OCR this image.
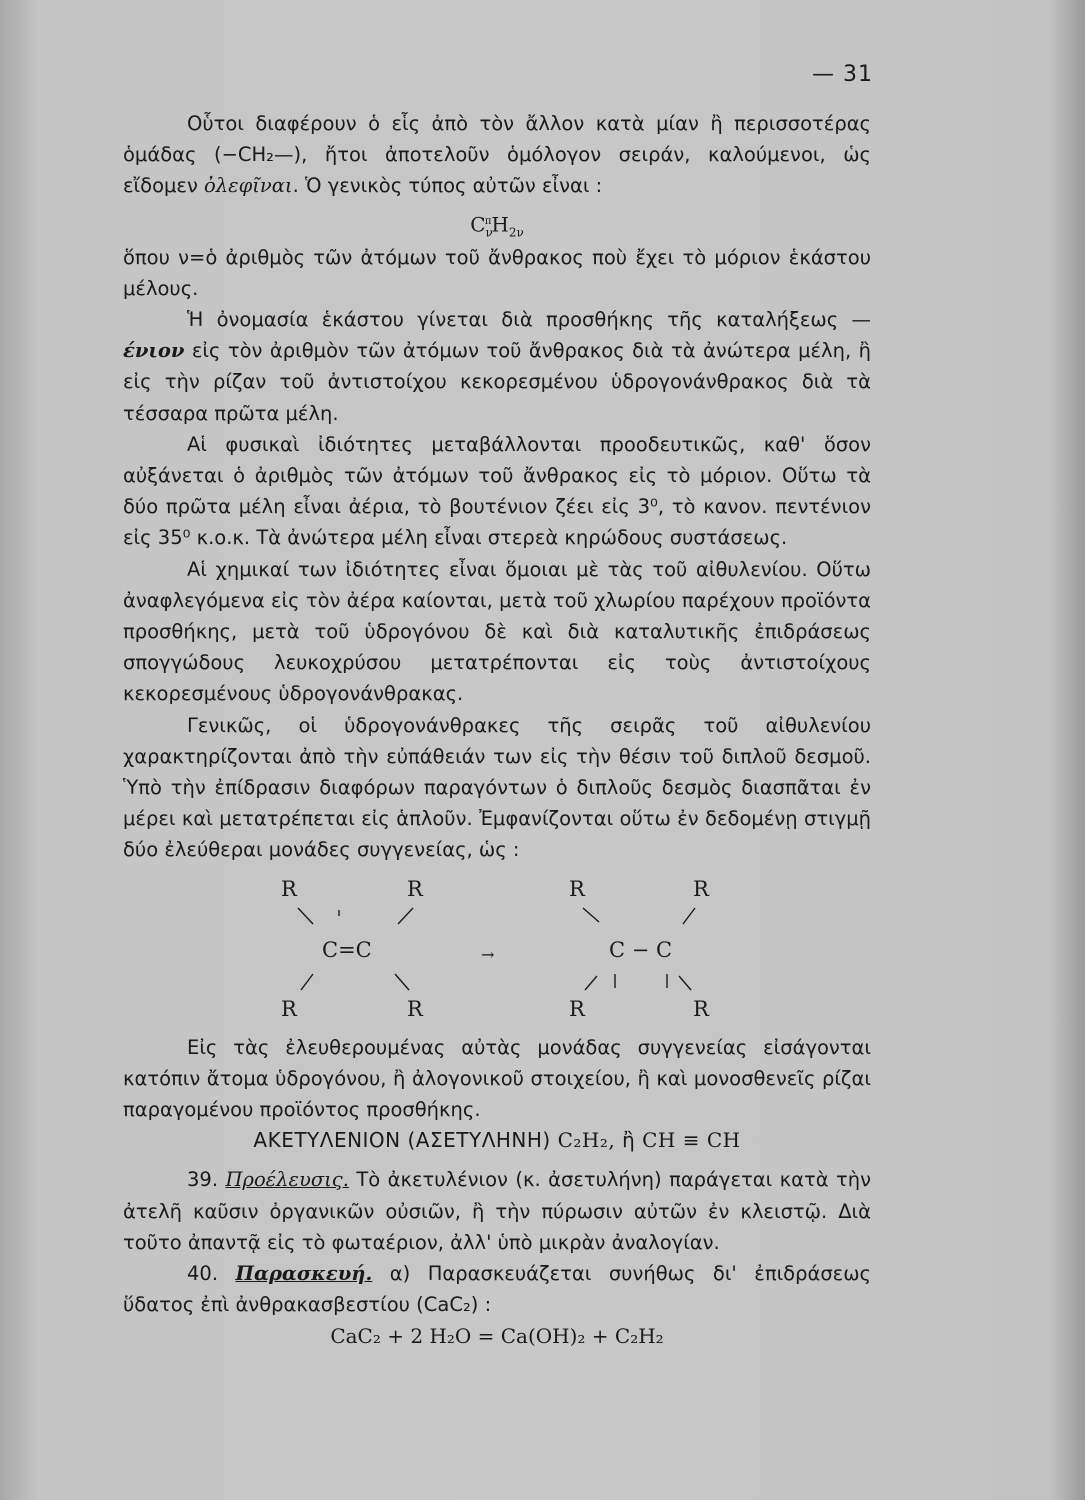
— 31

Οὗτοι διαφέρουν ὁ εἷς ἀπὸ τὸν ἄλλον κατὰ μίαν ἢ περισσοτέρας ὁμάδας (−CH₂—), ἤτοι ἀποτελοῦν ὁμόλογον σειράν, καλούμενοι, ὡς εἴδομεν ὀλεφῖναι. Ὁ γενικὸς τύπος αὐτῶν εἶναι :

$C_\nu^\pi H_{2\nu}$

ὅπου ν=ὁ ἀριθμὸς τῶν ἀτόμων τοῦ ἄνθρακος ποὺ ἔχει τὸ μόριον ἑκάστου μέλους.

Ἡ ὀνομασία ἑκάστου γίνεται διὰ προσθήκης τῆς καταλήξεως — ένιον εἰς τὸν ἀριθμὸν τῶν ἀτόμων τοῦ ἄνθρακος διὰ τὰ ἀνώτερα μέλη, ἢ εἰς τὴν ρίζαν τοῦ ἀντιστοίχου κεκορεσμένου ὑδρογονάνθρακος διὰ τὰ τέσσαρα πρῶτα μέλη.

Αἱ φυσικαὶ ἰδιότητες μεταβάλλονται προοδευτικῶς, καθ' ὅσον αὐξάνεται ὁ ἀριθμὸς τῶν ἀτόμων τοῦ ἄνθρακος εἰς τὸ μόριον. Οὕτω τὰ δύο πρῶτα μέλη εἶναι ἀέρια, τὸ βουτένιον ζέει εἰς 3⁰, τὸ κανον. πεντένιον εἰς 35⁰ κ.ο.κ. Τὰ ἀνώτερα μέλη εἶναι στερεὰ κηρώδους συστάσεως.

Αἱ χημικαί των ἰδιότητες εἶναι ὅμοιαι μὲ τὰς τοῦ αἰθυλενίου. Οὕτω ἀναφλεγόμενα εἰς τὸν ἀέρα καίονται, μετὰ τοῦ χλωρίου παρέχουν προϊόντα προσθήκης, μετὰ τοῦ ὑδρογόνου δὲ καὶ διὰ καταλυτικῆς ἐπιδράσεως σπογγώδους λευκοχρύσου μετατρέπονται εἰς τοὺς ἀντιστοίχους κεκορεσμένους ὑδρογονάνθρακας.

Γενικῶς, οἱ ὑδρογονάνθρακες τῆς σειρᾶς τοῦ αἰθυλενίου χαρακτηρίζονται ἀπὸ τὴν εὐπάθειάν των εἰς τὴν θέσιν τοῦ διπλοῦ δεσμοῦ. Ὑπὸ τὴν ἐπίδρασιν διαφόρων παραγόντων ὁ διπλοῦς δεσμὸς διασπᾶται ἐν μέρει καὶ μετατρέπεται εἰς ἁπλοῦν. Ἐμφανίζονται οὕτω ἐν δεδομένῃ στιγμῇ δύο ἐλεύθεραι μονάδες συγγενείας, ὡς :

R	R	R	R
C=C	→	C − C
R	R	R	R

Εἰς τὰς ἐλευθερουμένας αὐτὰς μονάδας συγγενείας εἰσάγονται κατόπιν ἄτομα ὑδρογόνου, ἢ ἀλογονικοῦ στοιχείου, ἢ καὶ μονοσθενεῖς ρίζαι παραγομένου προϊόντος προσθήκης.

ΑΚΕΤΥΛΕΝΙΟΝ (ΑΣΕΤΥΛΗΝΗ) C₂H₂, ἢ CH ≡ CH

39. Προέλευσις. Τὸ ἀκετυλένιον (κ. ἀσετυλήνη) παράγεται κατὰ τὴν ἀτελῆ καῦσιν ὀργανικῶν οὐσιῶν, ἢ τὴν πύρωσιν αὐτῶν ἐν κλειστῷ. Διὰ τοῦτο ἀπαντᾷ εἰς τὸ φωταέριον, ἀλλ' ὑπὸ μικρὰν ἀναλογίαν.

40. Παρασκευή. α) Παρασκευάζεται συνήθως δι' ἐπιδράσεως ὕδατος ἐπὶ ἀνθρακασβεστίου (CaC₂) :

CaC₂ + 2 H₂O = Ca(OH)₂ + C₂H₂
